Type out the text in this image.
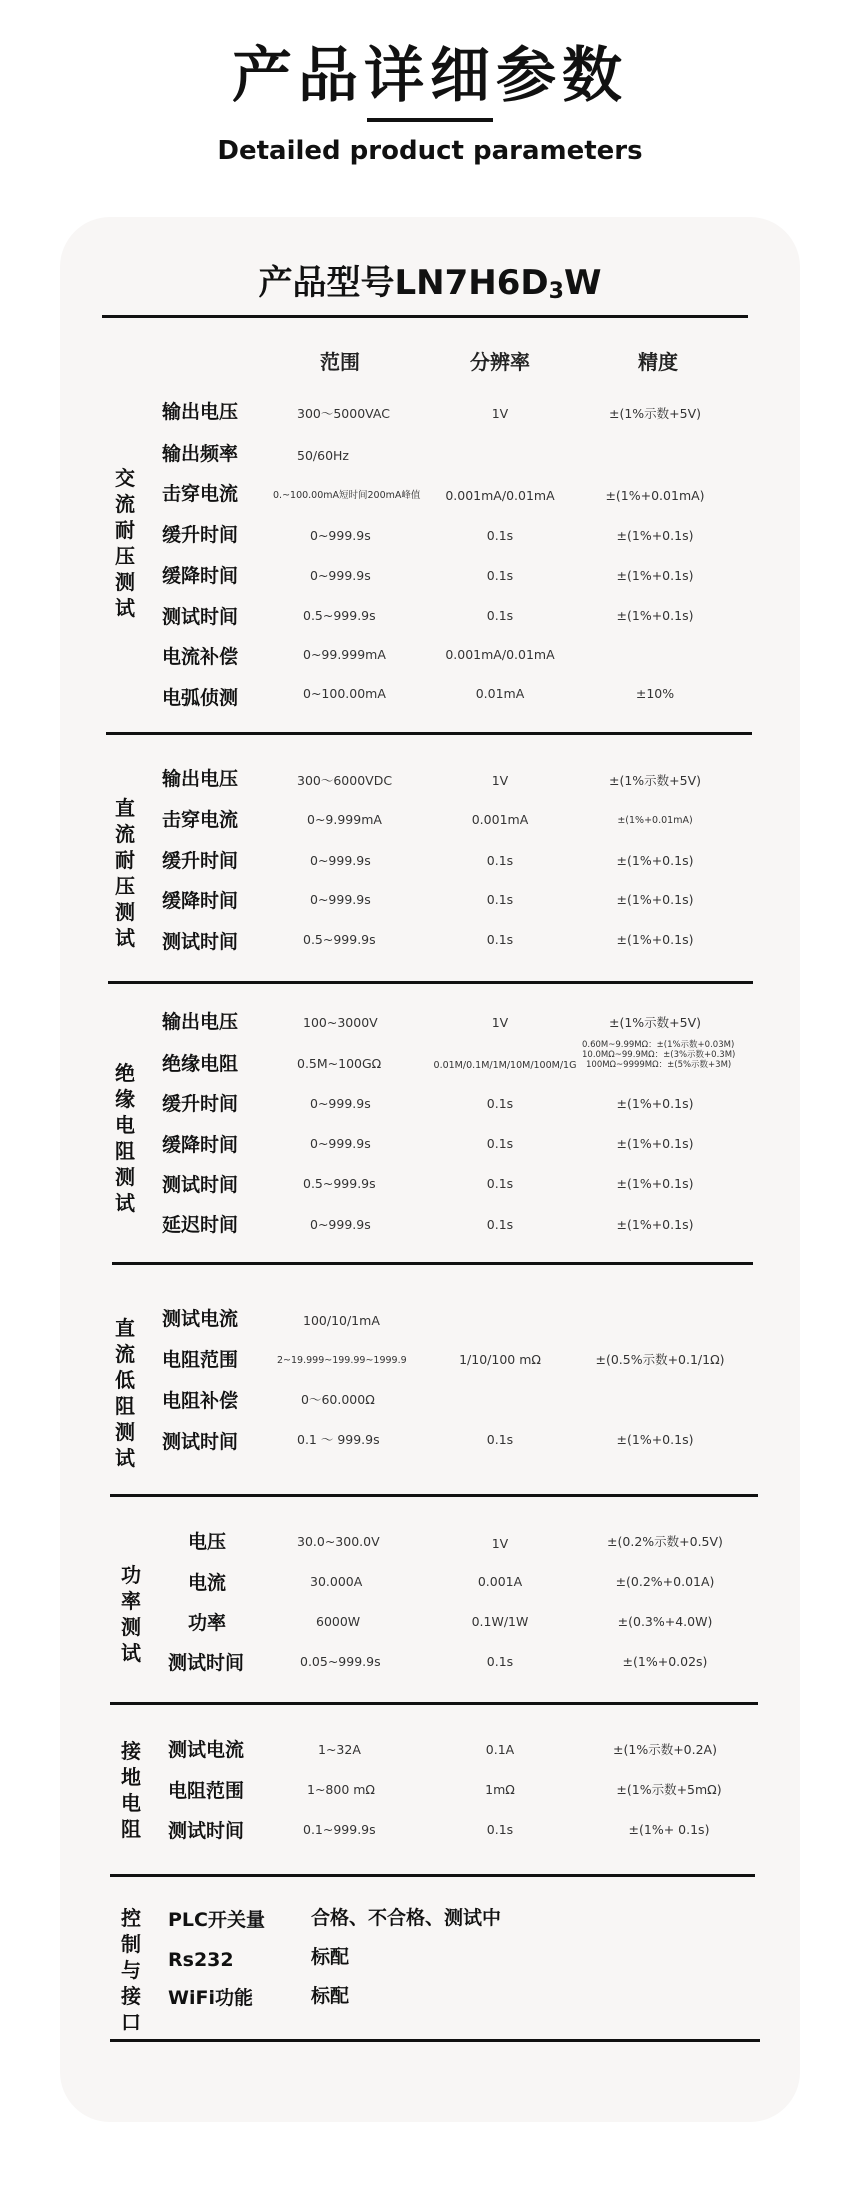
产品详细参数
Detailed product parameters
产品型号$LN7H6D_3W$
范围	分辨率	精度
交流耐压测试
输出电压	300～5000VAC	1V	±(1%示数+5V)
输出频率	50/60Hz
击穿电流	0.~100.00mA短时间200mA峰值	0.001mA/0.01mA	±(1%+0.01mA)
缓升时间	0~999.9s	0.1s	±(1%+0.1s)
缓降时间	0~999.9s	0.1s	±(1%+0.1s)
测试时间	0.5~999.9s	0.1s	±(1%+0.1s)
电流补偿	0~99.999mA	0.001mA/0.01mA
电弧侦测	0~100.00mA	0.01mA	±10%
直流耐压测试
输出电压	300～6000VDC	1V	±(1%示数+5V)
击穿电流	0~9.999mA	0.001mA	±(1%+0.01mA)
缓升时间	0~999.9s	0.1s	±(1%+0.1s)
缓降时间	0~999.9s	0.1s	±(1%+0.1s)
测试时间	0.5~999.9s	0.1s	±(1%+0.1s)
绝缘电阻测试
输出电压	100~3000V	1V	±(1%示数+5V)
绝缘电阻	0.5M~100GΩ	0.01M/0.1M/1M/10M/100M/1G
0.60M~9.99MΩ：±(1%示数+0.03M)
10.0MΩ~99.9MΩ：±(3%示数+0.3M)
100MΩ~9999MΩ：±(5%示数+3M)
缓升时间	0~999.9s	0.1s	±(1%+0.1s)
缓降时间	0~999.9s	0.1s	±(1%+0.1s)
测试时间	0.5~999.9s	0.1s	±(1%+0.1s)
延迟时间	0~999.9s	0.1s	±(1%+0.1s)
直流低阻测试
测试电流	100/10/1mA
电阻范围	2~19.999~199.99~1999.9	1/10/100 mΩ	±(0.5%示数+0.1/1Ω)
电阻补偿	0～60.000Ω
测试时间	0.1 ～ 999.9s	0.1s	±(1%+0.1s)
功率测试
电压	30.0~300.0V	1V	±(0.2%示数+0.5V)
电流	30.000A	0.001A	±(0.2%+0.01A)
功率	6000W	0.1W/1W	±(0.3%+4.0W)
测试时间	0.05~999.9s	0.1s	±(1%+0.02s)
接地电阻
测试电流	1~32A	0.1A	±(1%示数+0.2A)
电阻范围	1~800 mΩ	1mΩ	±(1%示数+5mΩ)
测试时间	0.1~999.9s	0.1s	±(1%+ 0.1s)
控制与接口
PLC开关量 合格、不合格、测试中
Rs232	标配
WiFi功能	标配
